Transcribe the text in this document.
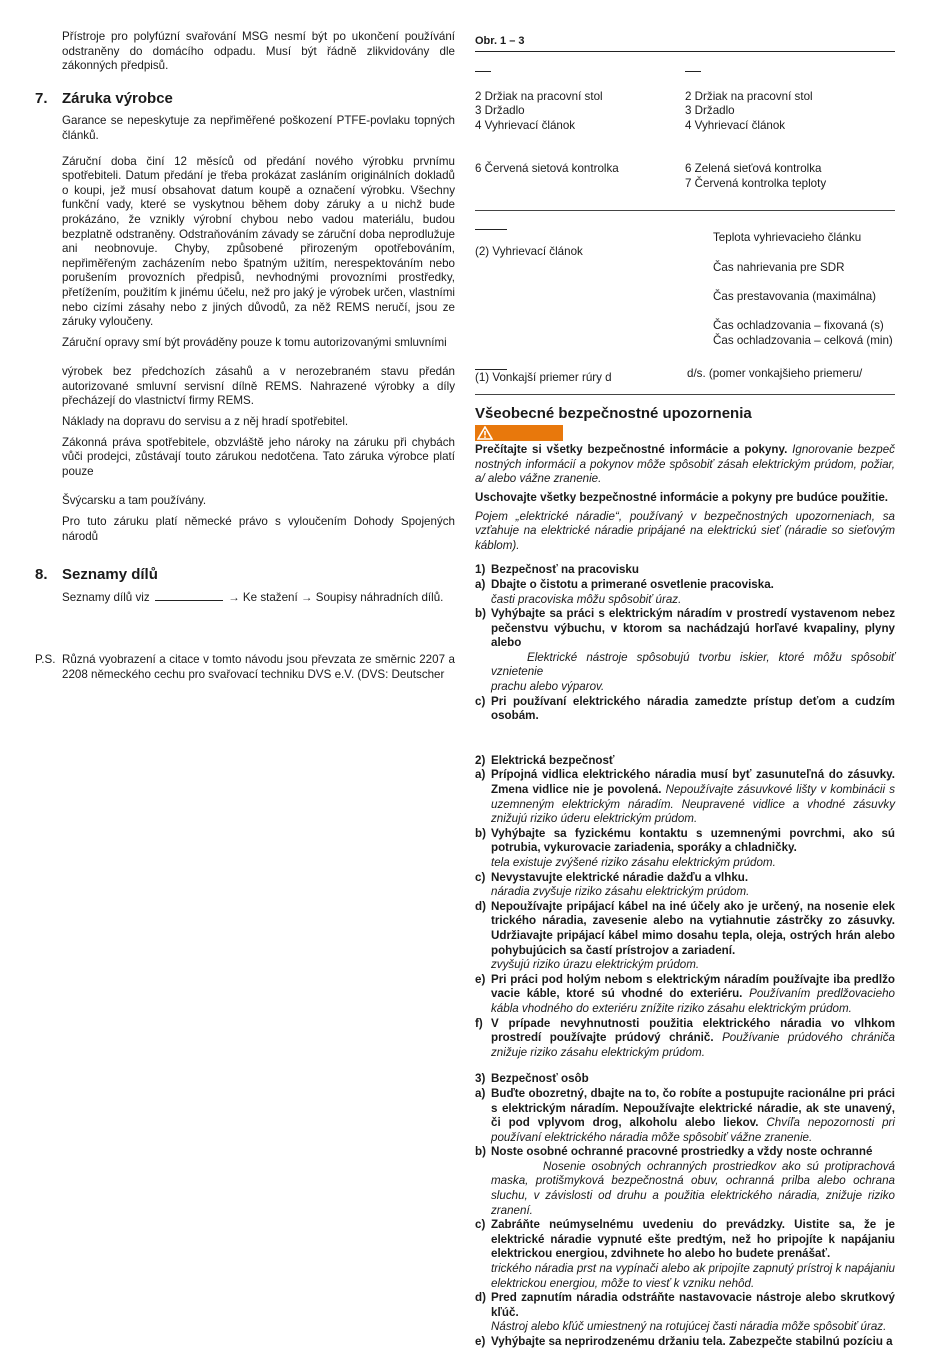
Přístroje pro polyfúzní svařování MSG nesmí být po ukončení používání odstraněny do domácího odpadu. Musí být řádně zlikvidovány dle zákonných předpisů.

7. Záruka výrobce

Garance se nepeskytuje za nepřiměřené poškození PTFE-povlaku topných článků.

Záruční doba činí 12 měsíců od předání nového výrobku prvnímu spotřebiteli. Datum předání je třeba prokázat zasláním originálních dokladů o koupi, jež musí obsahovat datum koupě a označení výrobku. Všechny funkční vady, které se vyskytnou během doby záruky a u nichž bude prokázáno, že vznikly výrobní chybou nebo vadou materiálu, budou bezplatně odstraněny. Odstraňováním závady se záruční doba neprodlužuje ani neobnovuje. Chyby, způsobené přirozeným opotřebováním, nepřiměřeným zacházením nebo špatným užitím, nerespektováním nebo porušením provozních předpisů, nevhodnými provozními prostředky, přetížením, použitím k jinému účelu, než pro jaký je výrobek určen, vlastními nebo cizími zásahy nebo z jiných důvodů, za něž REMS neručí, jsou ze záruky vyloučeny.

Záruční opravy smí být prováděny pouze k tomu autorizovanými smluvními

výrobek bez předchozích zásahů a v nerozebraném stavu předán autorizované smluvní servisní dílně REMS. Nahrazené výrobky a díly přecházejí do vlastnictví firmy REMS.

Náklady na dopravu do servisu a z něj hradí spotřebitel.

Zákonná práva spotřebitele, obzvláště jeho nároky na záruku při chybách vůči prodejci, zůstávají touto zárukou nedotčena. Tato záruka výrobce platí pouze

Švýcarsku a tam používány.

Pro tuto záruku platí německé právo s vyloučením Dohody Spojených národů

8. Seznamy dílů

Seznamy dílů viz	→ Ke stažení → Soupisy náhradních dílů.

P.S. Různá vyobrazení a citace v tomto návodu jsou převzata ze směrnic 2207 a 2208 německého cechu pro svařovací techniku DVS e.V. (DVS: Deutscher
Obr. 1 – 3
2 Držiak na pracovní stol
3 Držadlo
4 Vyhrievací článok
6 Červená sietová kontrolka
2 Držiak na pracovní stol
3 Držadlo
4 Vyhrievací článok
6 Zelená sieťová kontrolka
7 Červená kontrolka teploty
(2) Vyhrievací článok
Teplota vyhrievacieho článku
Čas nahrievania pre SDR
Čas prestavovania (maximálna)
Čas ochladzovania – fixovaná (s)
Čas ochladzovania – celková (min)
(1) Vonkajší priemer rúry d	d/s. (pomer vonkajšieho priemeru/
Všeobecné bezpečnostné upozornenia

Prečítajte si všetky bezpečnostné informácie a pokyny. Ignorovanie bezpeč nostných informácií a pokynov môže spôsobiť zásah elektrickým prúdom, požiar, a/ alebo vážne zranenie.

Uschovajte všetky bezpečnostné informácie a pokyny pre budúce použitie.

Pojem „elektrické náradie“, používaný v bezpečnostných upozorneniach, sa vzťahuje na elektrické náradie pripájané na elektrickú sieť (náradie so sieťovým káblom).

1) Bezpečnosť na pracovisku
a) Dbajte o čistotu a primerané osvetlenie pracoviska.
časti pracoviska môžu spôsobiť úraz.
b) Vyhýbajte sa práci s elektrickým náradím v prostredí vystavenom nebez pečenstvu výbuchu, v ktorom sa nachádzajú horľavé kvapaliny, plyny alebo
Elektrické nástroje spôsobujú tvorbu iskier, ktoré môžu spôsobiť vznietenie
prachu alebo výparov.
c) Pri používaní elektrického náradia zamedzte prístup deťom a cudzím osobám.
2) Elektrická bezpečnosť
a) Prípojná vidlica elektrického náradia musí byť zasunuteľná do zásuvky. Zmena vidlice nie je povolená. Nepoužívajte zásuvkové lišty v kombinácii s uzemneným elektrickým náradím. Neupravené vidlice a vhodné zásuvky znižujú riziko úderu elektrickým prúdom.
b) Vyhýbajte sa fyzickému kontaktu s uzemnenými povrchmi, ako sú potrubia, vykurovacie zariadenia, sporáky a chladničky.
tela existuje zvýšené riziko zásahu elektrickým prúdom.
c) Nevystavujte elektrické náradie dažďu a vlhku.
náradia zvyšuje riziko zásahu elektrickým prúdom.
d) Nepoužívajte pripájací kábel na iné účely ako je určený, na nosenie elek trického náradia, zavesenie alebo na vytiahnutie zástrčky zo zásuvky. Udržiavajte pripájací kábel mimo dosahu tepla, oleja, ostrých hrán alebo pohybujúcich sa častí prístrojov a zariadení.
zvyšujú riziko úrazu elektrickým prúdom.
e) Pri práci pod holým nebom s elektrickým náradím používajte iba predlžo vacie káble, ktoré sú vhodné do exteriéru. Používaním predlžovacieho kábla vhodného do exteriéru znížite riziko zásahu elektrickým prúdom.
f) V prípade nevyhnutnosti použitia elektrického náradia vo vlhkom prostredí používajte prúdový chránič. Používanie prúdového chrániča znižuje riziko zásahu elektrickým prúdom.
3) Bezpečnosť osôb
a) Buďte obozretný, dbajte na to, čo robíte a postupujte racionálne pri práci s elektrickým náradím. Nepoužívajte elektrické náradie, ak ste unavený, či pod vplyvom drog, alkoholu alebo liekov. Chvíľa nepozornosti pri používaní elektrického náradia môže spôsobiť vážne zranenie.
b) Noste osobné ochranné pracovné prostriedky a vždy noste ochranné
Nosenie osobných ochranných prostriedkov ako sú protiprachová maska, protišmyková bezpečnostná obuv, ochranná prilba alebo ochrana sluchu, v závislosti od druhu a použitia elektrického náradia, znižuje riziko zranení.
c) Zabráňte neúmyselnému uvedeniu do prevádzky. Uistite sa, že je elektrické náradie vypnuté ešte predtým, než ho pripojíte k napájaniu elektrickou energiou, zdvihnete ho alebo ho budete prenášať.
trického náradia prst na vypínači alebo ak pripojíte zapnutý prístroj k napájaniu elektrickou energiou, môže to viesť k vzniku nehôd.
d) Pred zapnutím náradia odstráňte nastavovacie nástroje alebo skrutkový kľúč.
Nástroj alebo kľúč umiestnený na rotujúcej časti náradia môže spôsobiť úraz.
e) Vyhýbajte sa neprirodzenému držaniu tela. Zabezpečte stabilnú pozíciu a
